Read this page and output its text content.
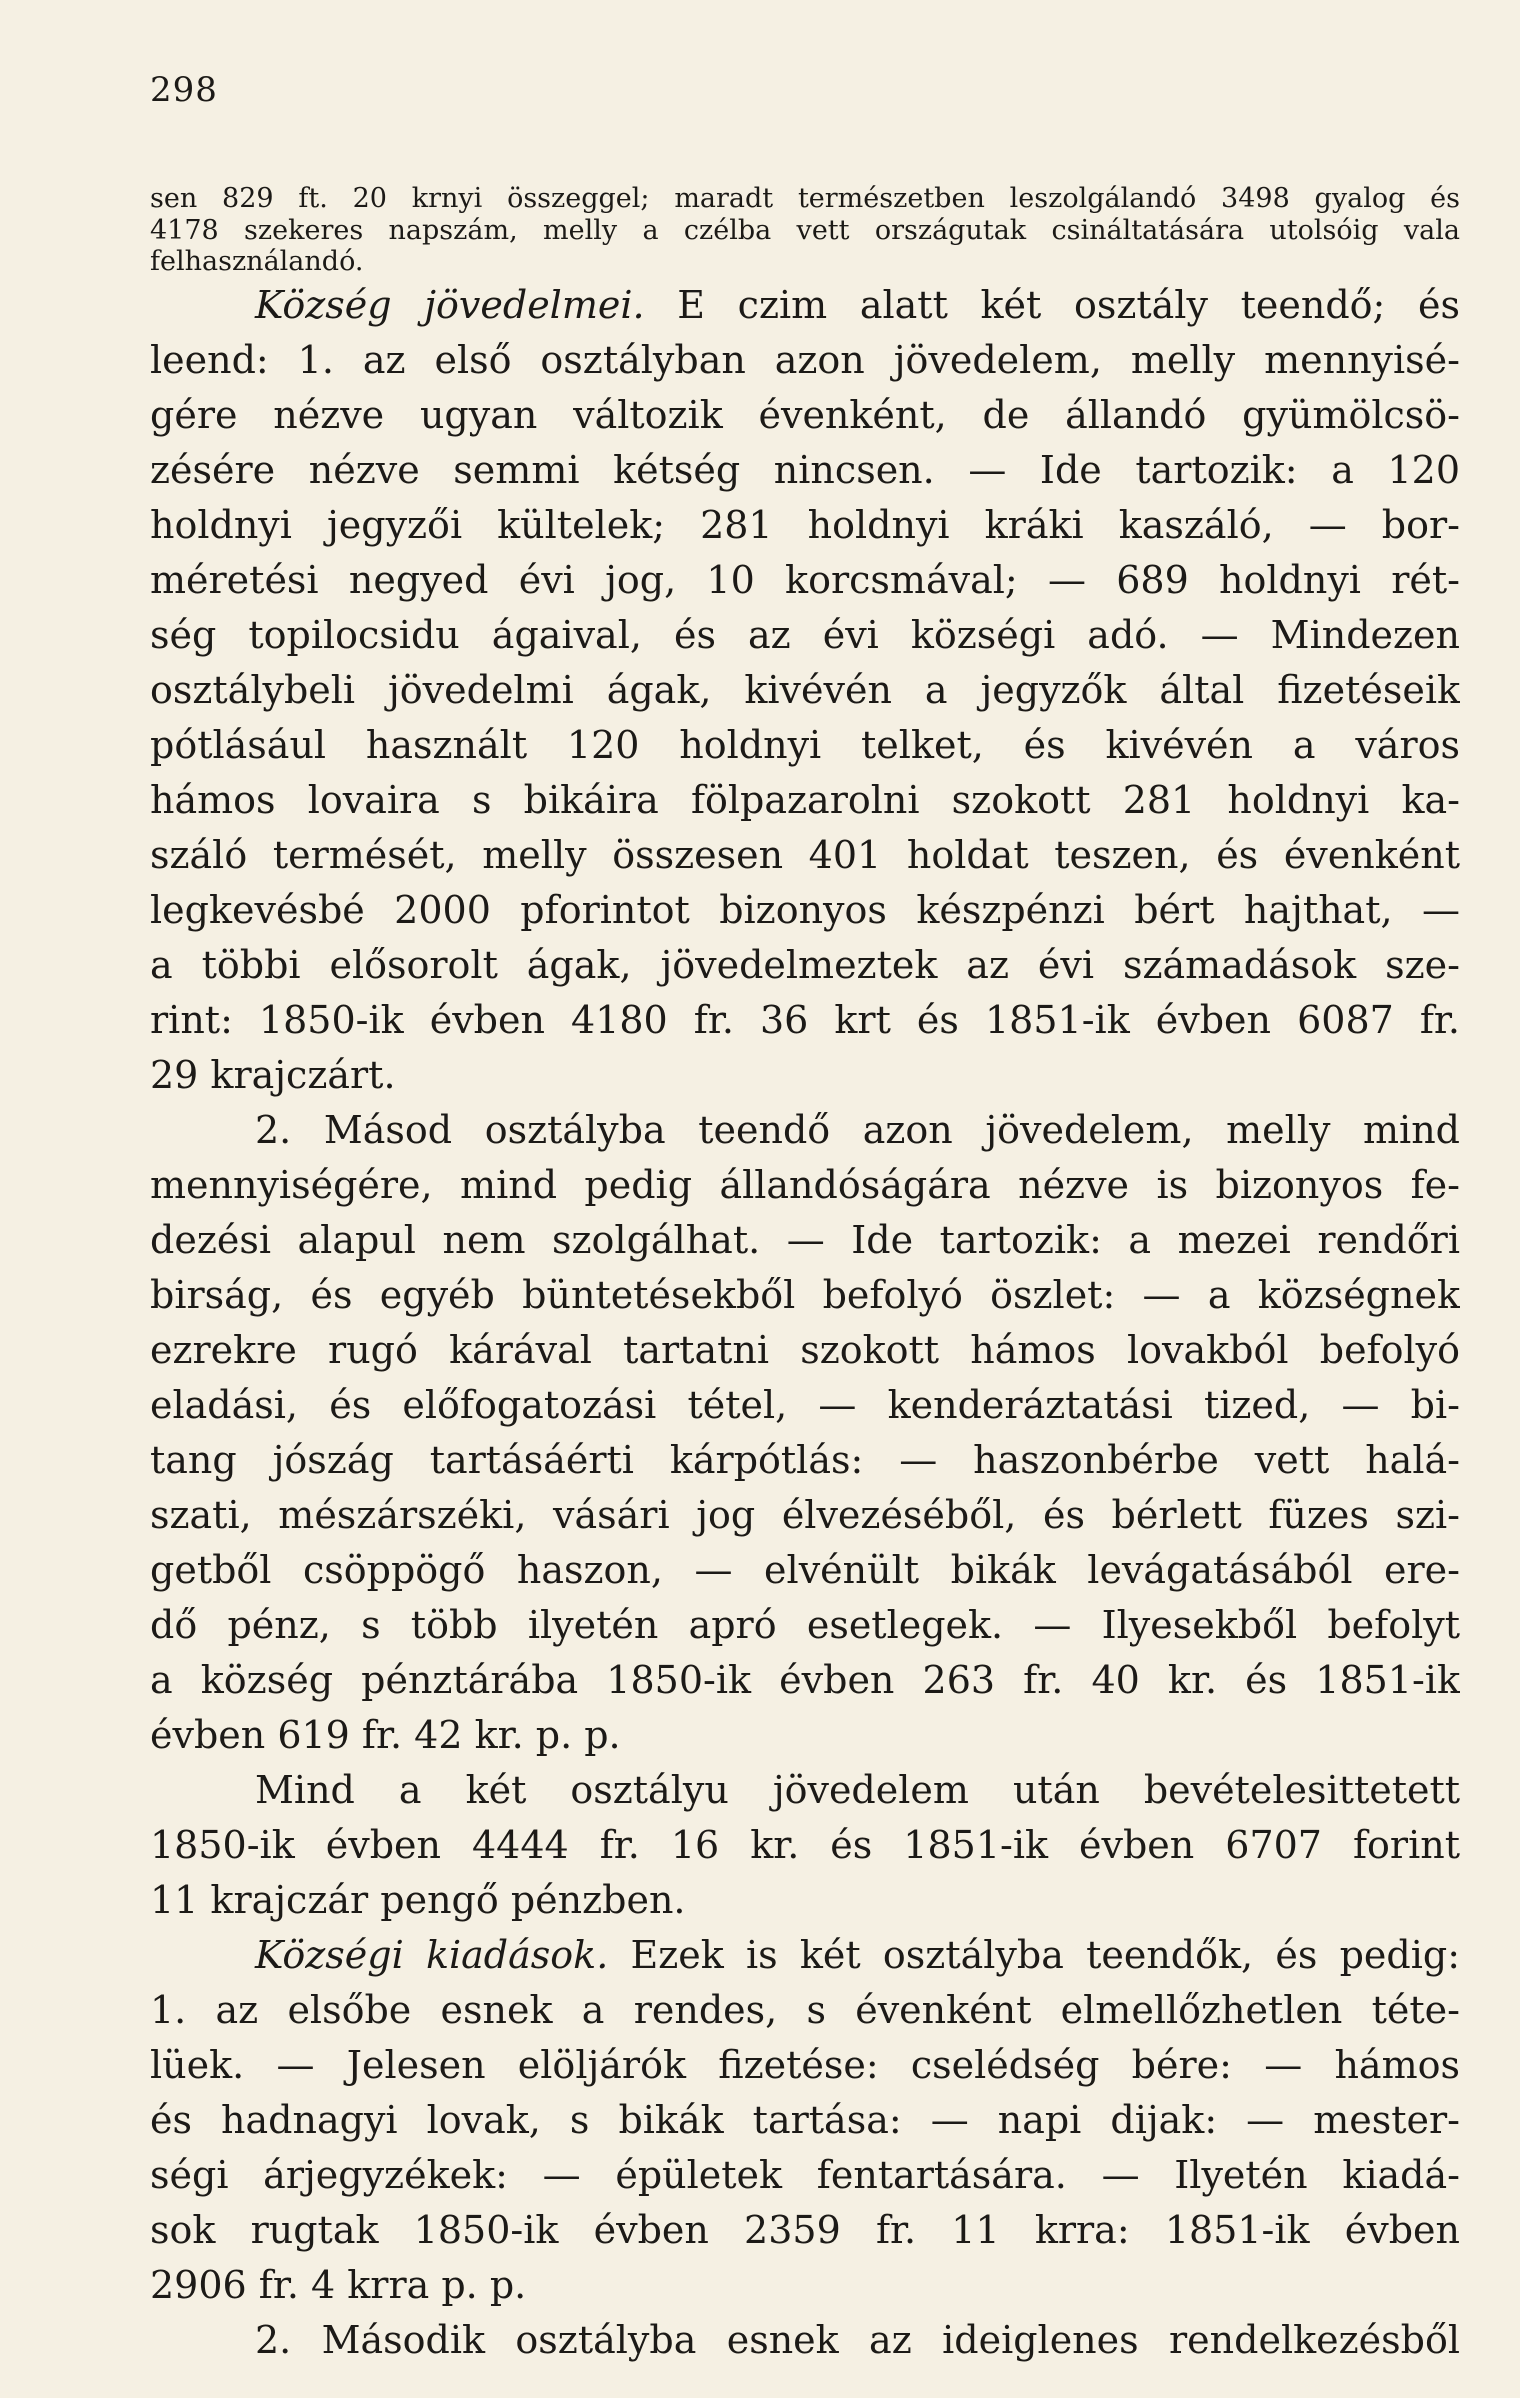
298
sen 829 ft. 20 krnyi összeggel; maradt természetben leszolgálandó 3498 gyalog és
4178 szekeres napszám, melly a czélba vett országutak csináltatására utolsóig vala
felhasználandó.
Község jövedelmei. E czim alatt két osztály teendő; és
leend: 1. az első osztályban azon jövedelem, melly mennyisé-
gére nézve ugyan változik évenként, de állandó gyümölcsö-
zésére nézve semmi kétség nincsen. — Ide tartozik: a 120
holdnyi jegyzői kültelek; 281 holdnyi kráki kaszáló, — bor-
méretési negyed évi jog, 10 korcsmával; — 689 holdnyi rét-
ség topilocsidu ágaival, és az évi községi adó. — Mindezen
osztálybeli jövedelmi ágak, kivévén a jegyzők által fizetéseik
pótlásául használt 120 holdnyi telket, és kivévén a város
hámos lovaira s bikáira fölpazarolni szokott 281 holdnyi ka-
száló termését, melly összesen 401 holdat teszen, és évenként
legkevésbé 2000 pforintot bizonyos készpénzi bért hajthat, —
a többi elősorolt ágak, jövedelmeztek az évi számadások sze-
rint: 1850-ik évben 4180 fr. 36 krt és 1851-ik évben 6087 fr.
29 krajczárt.
2. Másod osztályba teendő azon jövedelem, melly mind
mennyiségére, mind pedig állandóságára nézve is bizonyos fe-
dezési alapul nem szolgálhat. — Ide tartozik: a mezei rendőri
birság, és egyéb büntetésekből befolyó öszlet: — a községnek
ezrekre rugó kárával tartatni szokott hámos lovakból befolyó
eladási, és előfogatozási tétel, — kenderáztatási tized, — bi-
tang jószág tartásáérti kárpótlás: — haszonbérbe vett halá-
szati, mészárszéki, vásári jog élvezéséből, és bérlett füzes szi-
getből csöppögő haszon, — elvénült bikák levágatásából ere-
dő pénz, s több ilyetén apró esetlegek. — Ilyesekből befolyt
a község pénztárába 1850-ik évben 263 fr. 40 kr. és 1851-ik
évben 619 fr. 42 kr. p. p.
Mind a két osztályu jövedelem után bevételesittetett
1850-ik évben 4444 fr. 16 kr. és 1851-ik évben 6707 forint
11 krajczár pengő pénzben.
Községi kiadások. Ezek is két osztályba teendők, és pedig:
1. az elsőbe esnek a rendes, s évenként elmellőzhetlen téte-
lüek. — Jelesen elöljárók fizetése: cselédség bére: — hámos
és hadnagyi lovak, s bikák tartása: — napi dijak: — mester-
ségi árjegyzékek: — épületek fentartására. — Ilyetén kiadá-
sok rugtak 1850-ik évben 2359 fr. 11 krra: 1851-ik évben
2906 fr. 4 krra p. p.
2. Második osztályba esnek az ideiglenes rendelkezésből
